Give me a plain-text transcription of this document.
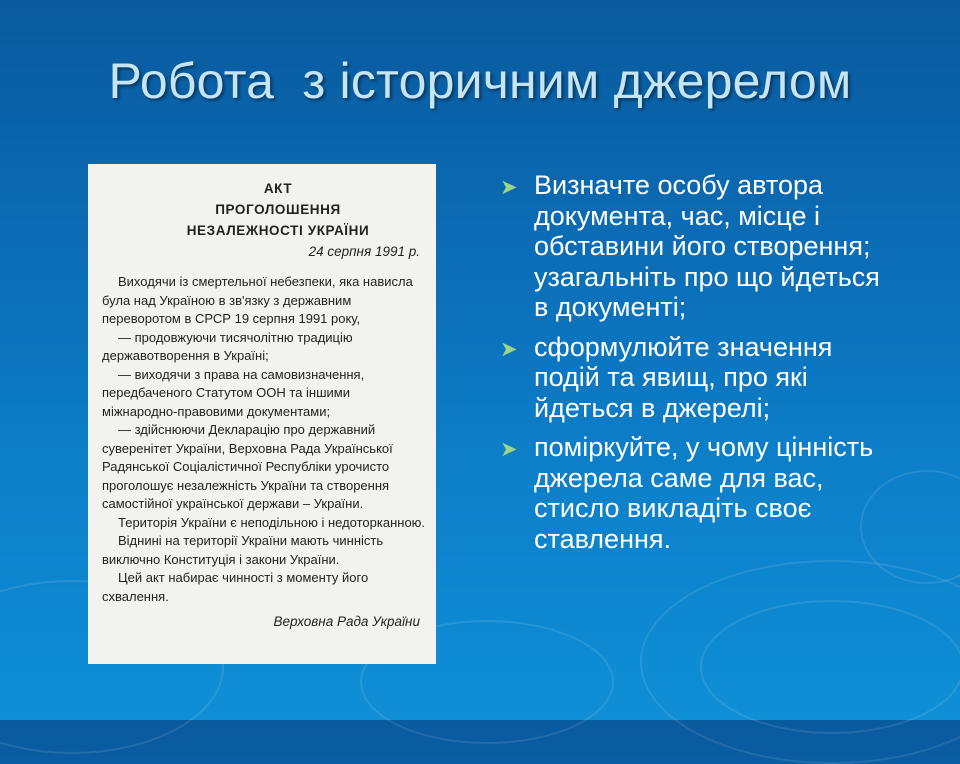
Робота  з історичним джерелом
АКТ
ПРОГОЛОШЕННЯ
НЕЗАЛЕЖНОСТІ УКРАЇНИ
24 серпня 1991 р.
Виходячи із смертельної небезпеки, яка нависла була над Україною в зв'язку з державним переворотом в СРСР 19 серпня 1991 року,
— продовжуючи тисячолітню традицію державотворення в Україні;
— виходячи з права на самовизначення, передбаченого Статутом ООН та іншими міжнародно-правовими документами;
— здійснюючи Декларацію про державний суверенітет України, Верховна Рада Української Радянської Соціалістичної Республіки урочисто проголошує незалежність України та створення самостійної української держави – України.
Територія України є неподільною і недоторканною.
Віднині на території України мають чинність виключно Конституція і закони України.
Цей акт набирає чинності з моменту його схвалення.
Верховна Рада України
➤ Визначте особу автора документа, час, місце і обставини його створення; узагальніть про що йдеться в документі;
➤ сформулюйте значення подій та явищ, про які йдеться в джерелі;
➤ поміркуйте, у чому цінність джерела саме для вас, стисло викладіть своє ставлення.
